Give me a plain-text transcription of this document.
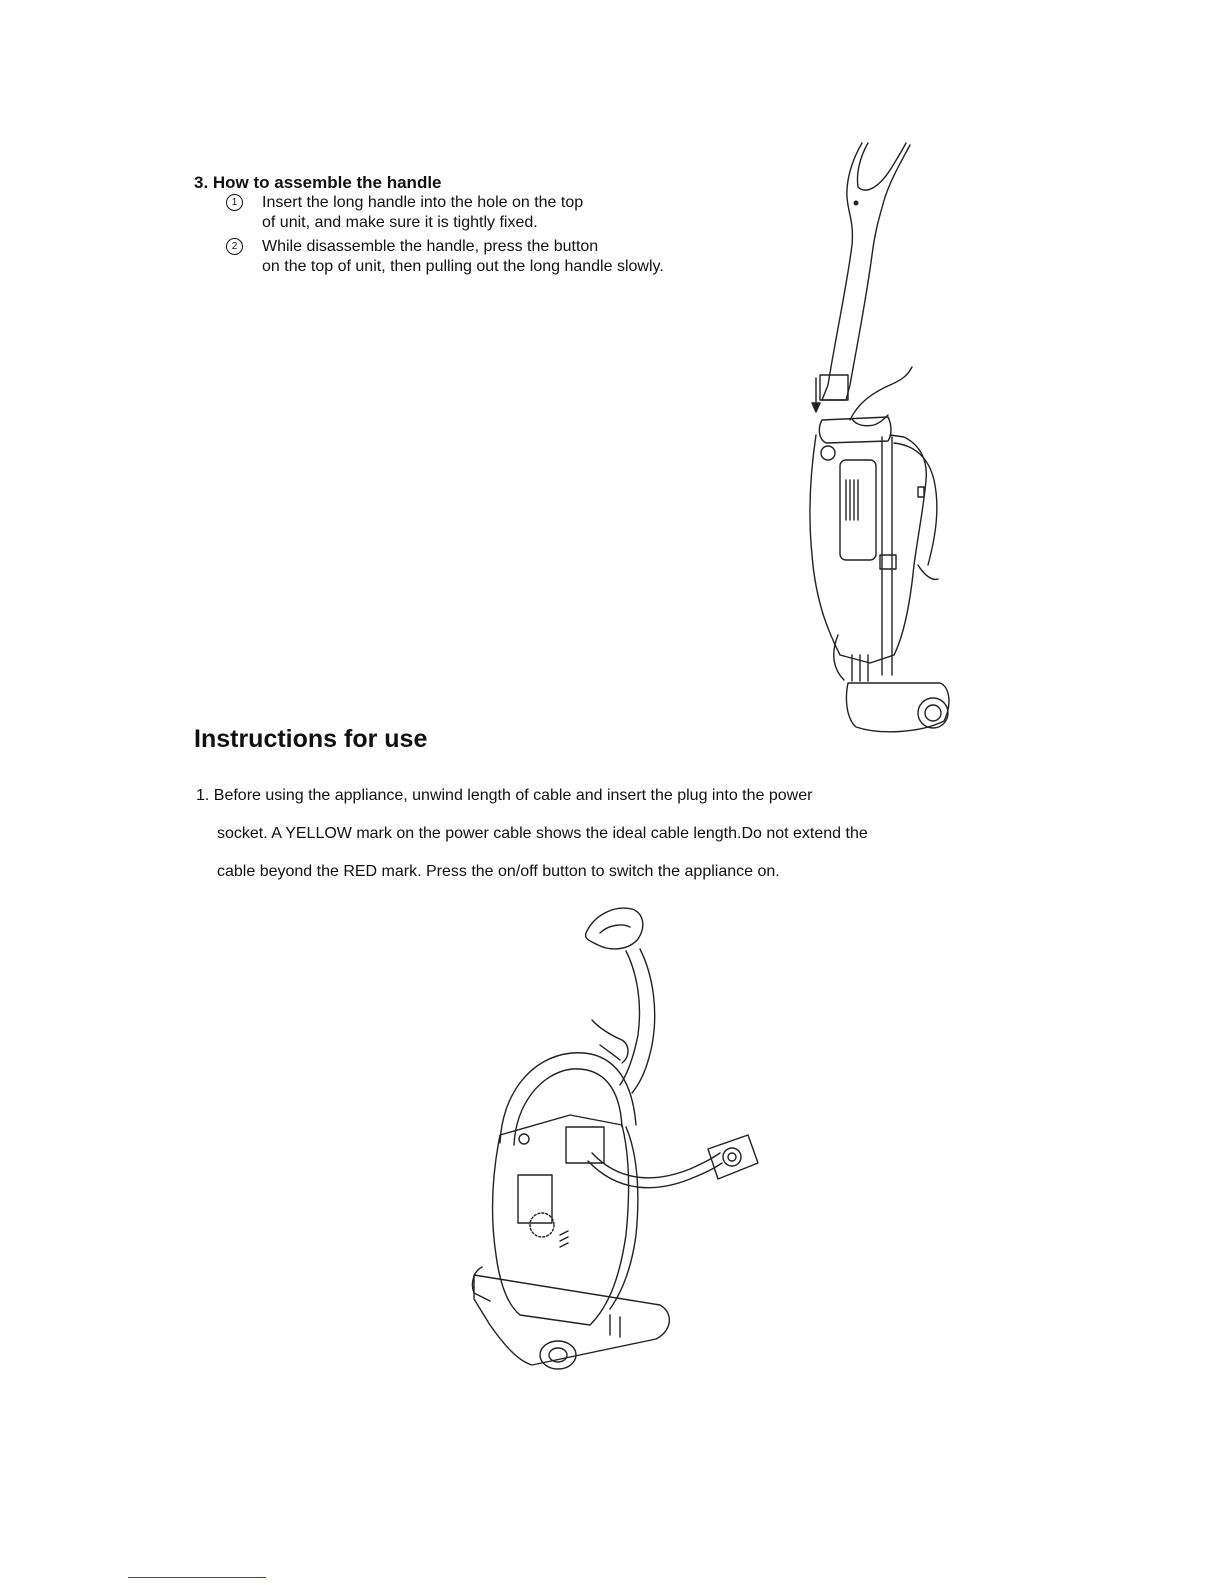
3. How to assemble the handle
1	Insert the long handle into the hole on the top
of unit, and make sure it is tightly fixed.
2	While disassemble the handle, press the button
on the top of unit, then pulling out the long handle slowly.
Instructions for use
1. Before using the appliance, unwind length of cable and insert the plug into the power
socket. A YELLOW mark on the power cable shows the ideal cable length.Do not extend the
cable beyond the RED mark. Press the on/off button to switch the appliance on.
